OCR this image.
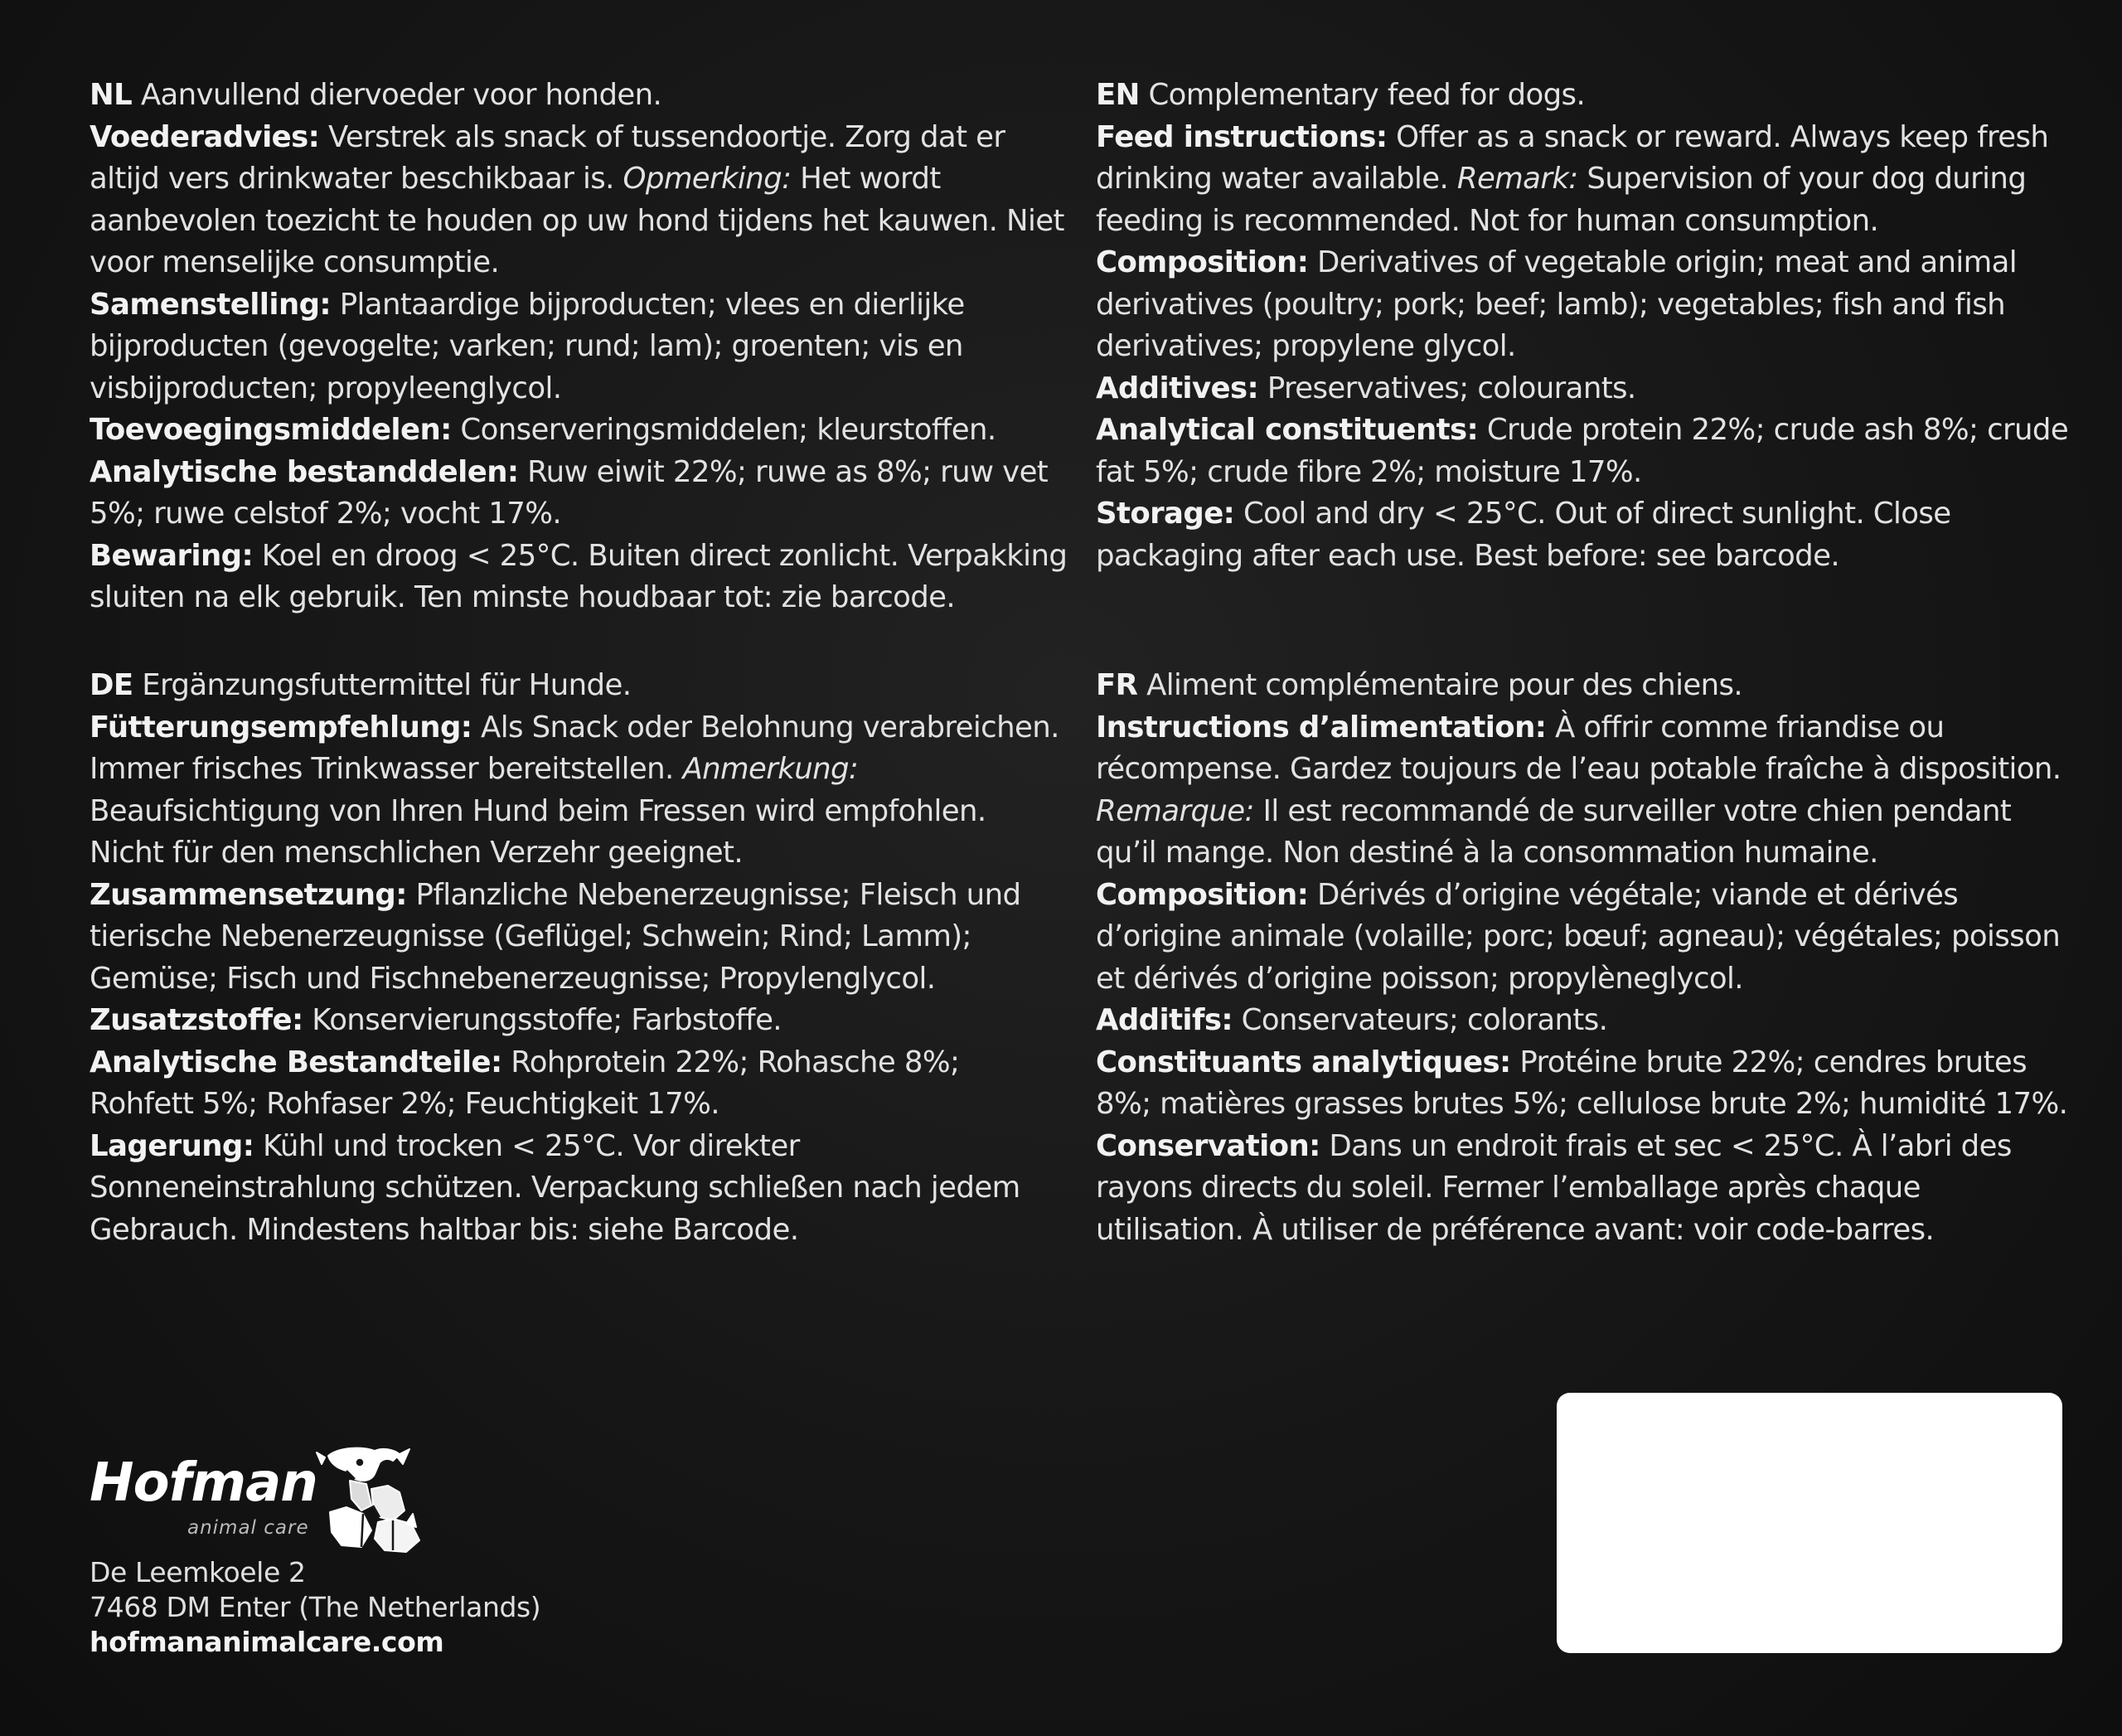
NL Aanvullend diervoeder voor honden.

Voederadvies: Verstrek als snack of tussendoortje. Zorg dat er altijd vers drinkwater beschikbaar is. Opmerking: Het wordt aanbevolen toezicht te houden op uw hond tijdens het kauwen. Niet voor menselijke consumptie.

Samenstelling: Plantaardige bijproducten; vlees en dierlijke bijproducten (gevogelte; varken; rund; lam); groenten; vis en visbijproducten; propyleenglycol.

Toevoegingsmiddelen: Conserveringsmiddelen; kleurstoffen.

Analytische bestanddelen: Ruw eiwit 22%; ruwe as 8%; ruw vet 5%; ruwe celstof 2%; vocht 17%.

Bewaring: Koel en droog < 25°C. Buiten direct zonlicht. Verpakking sluiten na elk gebruik. Ten minste houdbaar tot: zie barcode.

EN Complementary feed for dogs.

Feed instructions: Offer as a snack or reward. Always keep fresh drinking water available. Remark: Supervision of your dog during feeding is recommended. Not for human consumption.

Composition: Derivatives of vegetable origin; meat and animal derivatives (poultry; pork; beef; lamb); vegetables; fish and fish derivatives; propylene glycol.

Additives: Preservatives; colourants.

Analytical constituents: Crude protein 22%; crude ash 8%; crude fat 5%; crude fibre 2%; moisture 17%.

Storage: Cool and dry < 25°C. Out of direct sunlight. Close packaging after each use. Best before: see barcode.

DE Ergänzungsfuttermittel für Hunde.

Fütterungsempfehlung: Als Snack oder Belohnung verabreichen. Immer frisches Trinkwasser bereitstellen. Anmerkung: Beaufsichtigung von Ihren Hund beim Fressen wird empfohlen. Nicht für den menschlichen Verzehr geeignet.

Zusammensetzung: Pflanzliche Nebenerzeugnisse; Fleisch und tierische Nebenerzeugnisse (Geflügel; Schwein; Rind; Lamm); Gemüse; Fisch und Fischnebenerzeugnisse; Propylenglycol.

Zusatzstoffe: Konservierungsstoffe; Farbstoffe.

Analytische Bestandteile: Rohprotein 22%; Rohasche 8%; Rohfett 5%; Rohfaser 2%; Feuchtigkeit 17%.

Lagerung: Kühl und trocken < 25°C. Vor direkter Sonneneinstrahlung schützen. Verpackung schließen nach jedem Gebrauch. Mindestens haltbar bis: siehe Barcode.

FR Aliment complémentaire pour des chiens.

Instructions d’alimentation: À offrir comme friandise ou récompense. Gardez toujours de l’eau potable fraîche à disposition. Remarque: Il est recommandé de surveiller votre chien pendant qu’il mange. Non destiné à la consommation humaine.

Composition: Dérivés d’origine végétale; viande et dérivés d’origine animale (volaille; porc; bœuf; agneau); végétales; poisson et dérivés d’origine poisson; propylèneglycol.

Additifs: Conservateurs; colorants.

Constituants analytiques: Protéine brute 22%; cendres brutes 8%; matières grasses brutes 5%; cellulose brute 2%; humidité 17%.

Conservation: Dans un endroit frais et sec < 25°C. À l’abri des rayons directs du soleil. Fermer l’emballage après chaque utilisation. À utiliser de préférence avant: voir code-barres.

Hofman
animal care
De Leemkoele 2
7468 DM Enter (The Netherlands)
hofmananimalcare.com
